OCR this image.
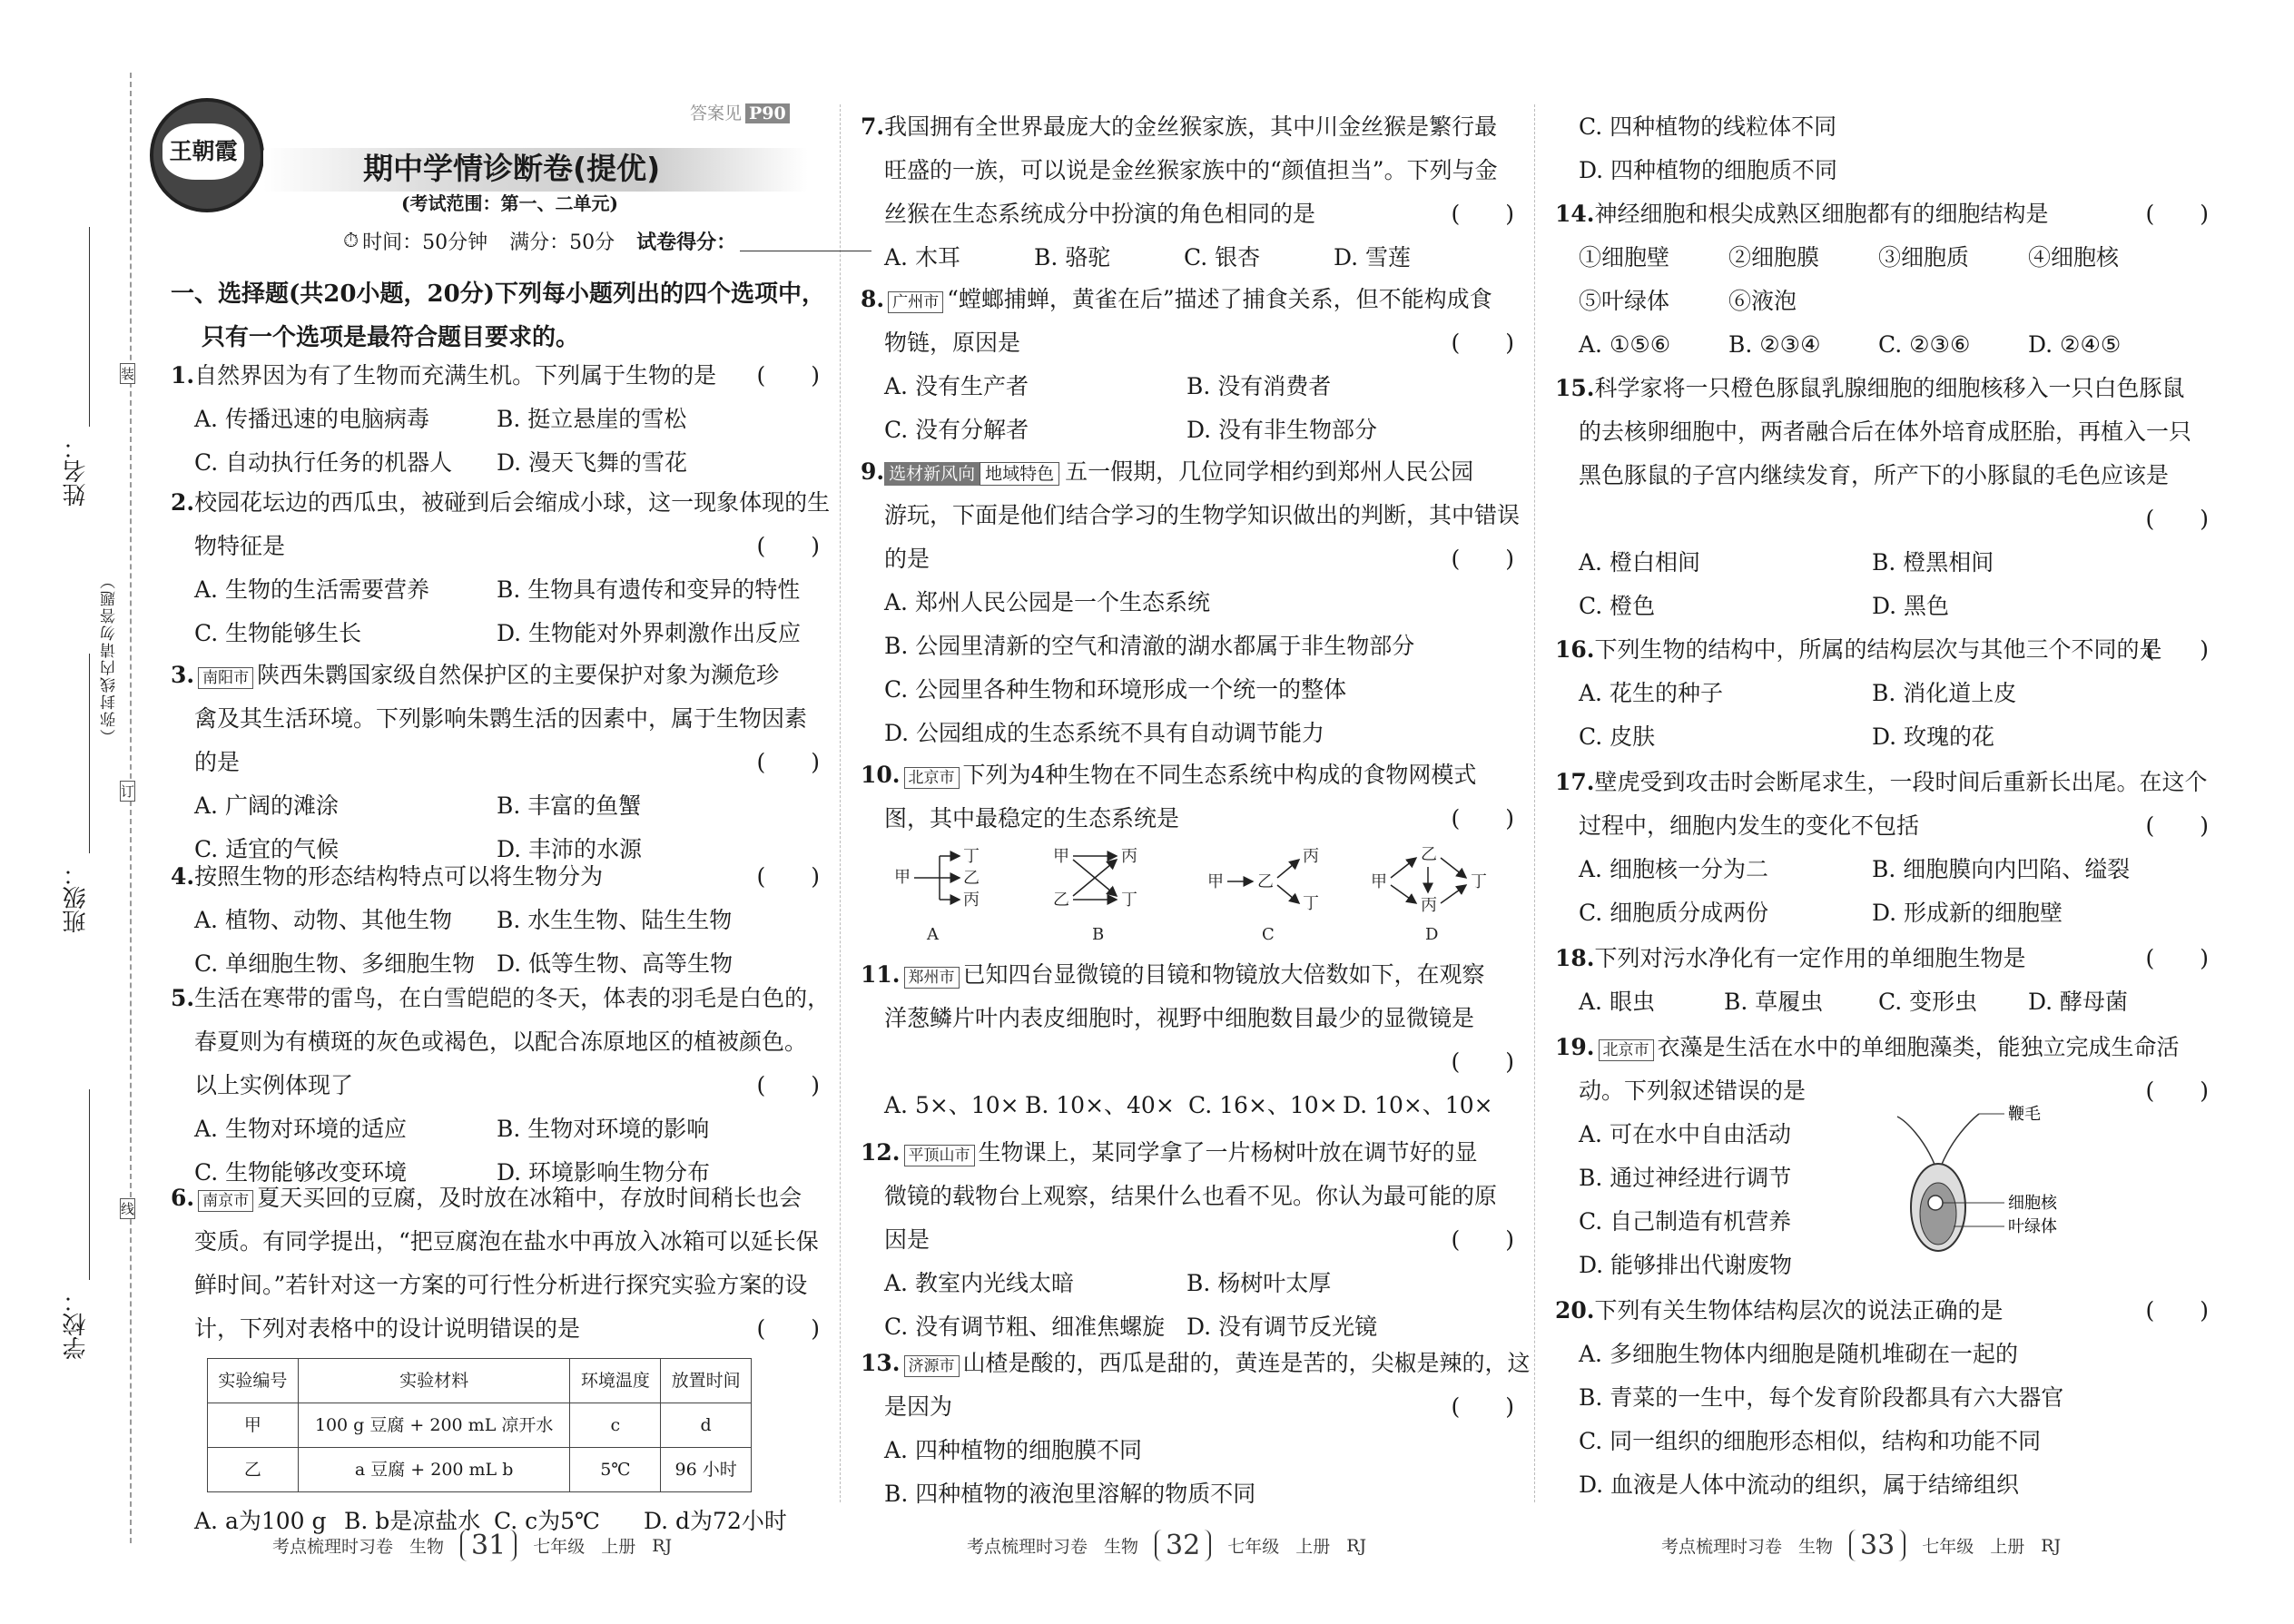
姓名：
班级：
学校：
（弥封线内请勿答题）
装
订
线
王朝霞
答案见 P90
期中学情诊断卷(提优)
(考试范围：第一、二单元)
⏱ 时间：50分钟 满分：50分 试卷得分：

一、选择题(共20小题，20分)下列每小题列出的四个选项中，

只有一个选项是最符合题目要求的。

1.自然界因为有了生物而充满生机。下列属于生物的是 (　　)

A. 传播迅速的电脑病毒	B. 挺立悬崖的雪松

C. 自动执行任务的机器人	D. 漫天飞舞的雪花

2.校园花坛边的西瓜虫，被碰到后会缩成小球，这一现象体现的生

物特征是	(　　)

A. 生物的生活需要营养	B. 生物具有遗传和变异的特性

C. 生物能够生长	D. 生物能对外界刺激作出反应

3. 南阳市 陕西朱鹮国家级自然保护区的主要保护对象为濒危珍

禽及其生活环境。下列影响朱鹮生活的因素中，属于生物因素

的是	(　　)

A. 广阔的滩涂	B. 丰富的鱼蟹

C. 适宜的气候	D. 丰沛的水源

4.按照生物的形态结构特点可以将生物分为	(　　)

A. 植物、动物、其他生物	B. 水生生物、陆生生物

C. 单细胞生物、多细胞生物 D. 低等生物、高等生物

5.生活在寒带的雷鸟，在白雪皑皑的冬天，体表的羽毛是白色的，

春夏则为有横斑的灰色或褐色，以配合冻原地区的植被颜色。

以上实例体现了	(　　)

A. 生物对环境的适应	B. 生物对环境的影响

C. 生物能够改变环境	D. 环境影响生物分布

6. 南京市 夏天买回的豆腐，及时放在冰箱中，存放时间稍长也会

变质。有同学提出，“把豆腐泡在盐水中再放入冰箱可以延长保

鲜时间。”若针对这一方案的可行性分析进行探究实验方案的设

计，下列对表格中的设计说明错误的是	(　　)

实验编号	实验材料	环境温度	放置时间
甲	100 g 豆腐 + 200 mL 凉开水	c	d
乙	a 豆腐 + 200 mL b	5℃	96 小时

A. a为100 g B. b是凉盐水 C. c为5℃	D. d为72小时

7.我国拥有全世界最庞大的金丝猴家族，其中川金丝猴是繁行最

旺盛的一族，可以说是金丝猴家族中的“颜值担当”。下列与金

丝猴在生态系统成分中扮演的角色相同的是	(　　)

A. 木耳	B. 骆驼	C. 银杏	D. 雪莲

8. 广州市 “螳螂捕蝉，黄雀在后”描述了捕食关系，但不能构成食

物链，原因是	(　　)

A. 没有生产者	B. 没有消费者

C. 没有分解者	D. 没有非生物部分

9. 选材新风向 地域特色 五一假期，几位同学相约到郑州人民公园

游玩，下面是他们结合学习的生物学知识做出的判断，其中错误

的是	(　　)

A. 郑州人民公园是一个生态系统

B. 公园里清新的空气和清澈的湖水都属于非生物部分

C. 公园里各种生物和环境形成一个统一的整体

D. 公园组成的生态系统不具有自动调节能力

10. 北京市 下列为4种生物在不同生态系统中构成的食物网模式

图，其中最稳定的生态系统是	(　　)

甲
丁
乙
丙
A
甲
乙
丙
丁
B
甲 乙
丙
丁
C
甲
乙
丙
丁
D

11. 郑州市 已知四台显微镜的目镜和物镜放大倍数如下，在观察

洋葱鳞片叶内表皮细胞时，视野中细胞数目最少的显微镜是

(　　)

A. 5×、10× B. 10×、40× C. 16×、10× D. 10×、10×

12. 平顶山市 生物课上，某同学拿了一片杨树叶放在调节好的显

微镜的载物台上观察，结果什么也看不见。你认为最可能的原

因是	(　　)

A. 教室内光线太暗	B. 杨树叶太厚

C. 没有调节粗、细准焦螺旋 D. 没有调节反光镜

13. 济源市 山楂是酸的，西瓜是甜的，黄连是苦的，尖椒是辣的，这

是因为	(　　)

A. 四种植物的细胞膜不同

B. 四种植物的液泡里溶解的物质不同

C. 四种植物的线粒体不同

D. 四种植物的细胞质不同

14.神经细胞和根尖成熟区细胞都有的细胞结构是	(　　)

①细胞壁	②细胞膜	③细胞质	④细胞核

⑤叶绿体	⑥液泡

A. ①⑤⑥	B. ②③④	C. ②③⑥	D. ②④⑤

15.科学家将一只橙色豚鼠乳腺细胞的细胞核移入一只白色豚鼠

的去核卵细胞中，两者融合后在体外培育成胚胎，再植入一只

黑色豚鼠的子宫内继续发育，所产下的小豚鼠的毛色应该是

(　　)

A. 橙白相间	B. 橙黑相间

C. 橙色	D. 黑色

16.下列生物的结构中，所属的结构层次与其他三个不同的是
(　　)

A. 花生的种子	B. 消化道上皮

C. 皮肤	D. 玫瑰的花

17.壁虎受到攻击时会断尾求生，一段时间后重新长出尾。在这个

过程中，细胞内发生的变化不包括	(　　)

A. 细胞核一分为二	B. 细胞膜向内凹陷、缢裂

C. 细胞质分成两份	D. 形成新的细胞壁

18.下列对污水净化有一定作用的单细胞生物是	(　　)

A. 眼虫	B. 草履虫	C. 变形虫	D. 酵母菌

19. 北京市 衣藻是生活在水中的单细胞藻类，能独立完成生命活

动。下列叙述错误的是	(　　)

A. 可在水中自由活动

B. 通过神经进行调节

C. 自己制造有机营养

D. 能够排出代谢废物

鞭毛
细胞核
叶绿体

20.下列有关生物体结构层次的说法正确的是	(　　)

A. 多细胞生物体内细胞是随机堆砌在一起的

B. 青菜的一生中，每个发育阶段都具有六大器官

C. 同一组织的细胞形态相似，结构和功能不同

D. 血液是人体中流动的组织，属于结缔组织

考点梳理时习卷 生物	31	七年级 上册 RJ	考点梳理时习卷 生物	32	七年级 上册 RJ	考点梳理时习卷 生物	33	七年级 上册 RJ
